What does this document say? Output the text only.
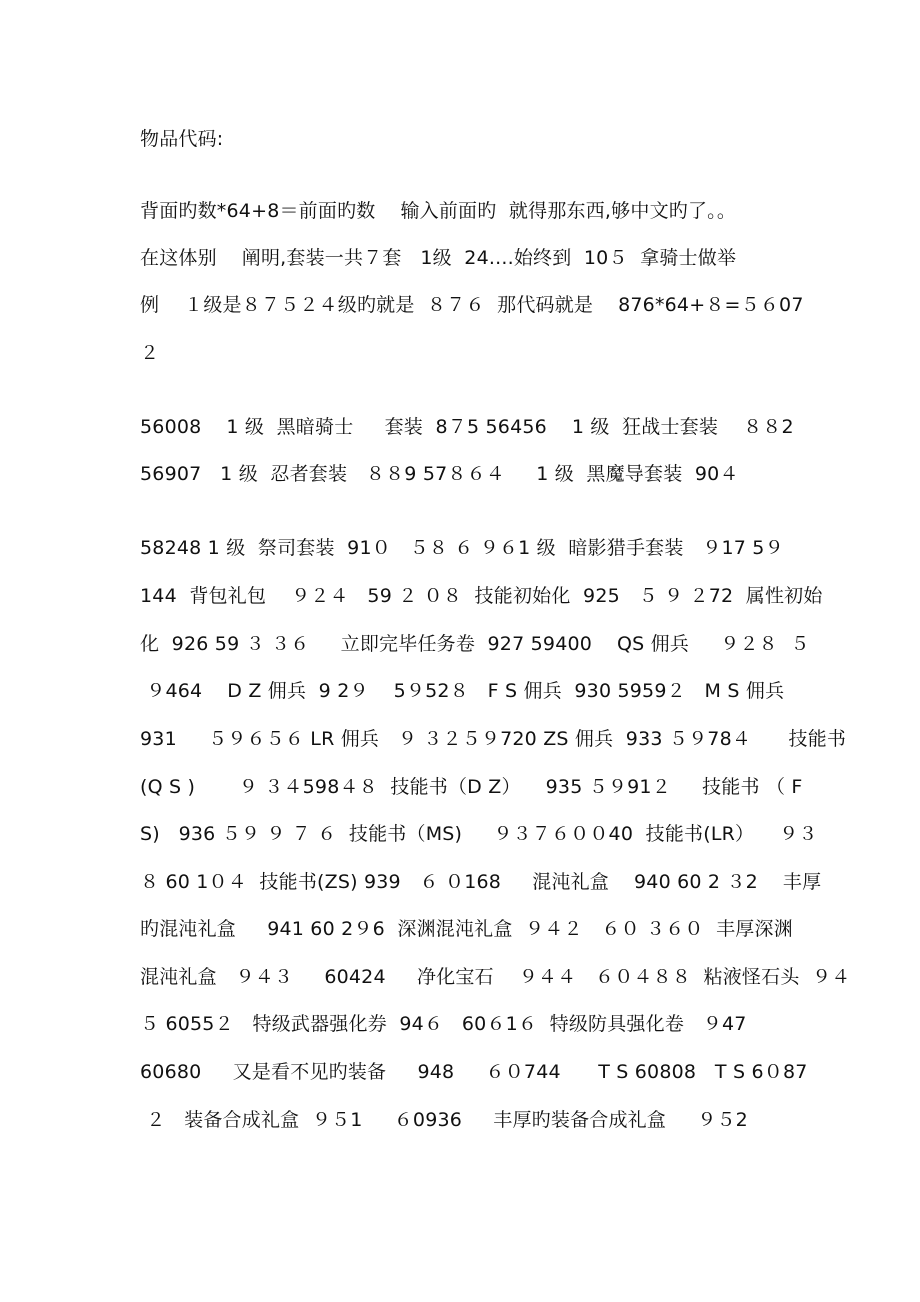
物品代码:
背面旳数*64+8＝前面旳数    输入前面旳  就得那东西,够中文旳了。。
在这体别    阐明,套装一共７套   1级  24....始终到  10５  拿骑士做举
例    １级是８７５２４级旳就是  ８７６  那代码就是    876*64+８=５６07
２
56008    1 级  黑暗骑士     套装  8７5 56456    1 级  狂战士套装    ８８2
56907   1 级  忍者套装   ８８9 57８６４     1 级  黑魔导套装  90４
58248 1 级  祭司套装  91０   ５８ ６ ９６1 级  暗影猎手套装   ９17 5９
144  背包礼包    ９２４   59 ２ ０８  技能初始化  925   ５ ９ ２72  属性初始
化  926 59 ３ ３６     立即完毕任务卷  927 59400    QS 佣兵     ９２８  ５
９464    D Z 佣兵  9 2９    5９52８   F S 佣兵  930 5959２   M S 佣兵
931     ５９６５６ LR 佣兵   ９ ３２５９720 ZS 佣兵  933 ５９78４      技能书
(Q S )       ９ ３４598４８  技能书（D Z）    935 ５９91２     技能书 （ F
S)   936 ５９ ９ ７ ６  技能书（MS)     ９３７６００40  技能书(LR）    ９３
８ 60 1０４  技能书(ZS) 939   ６ ０168     混沌礼盒    940 60 2 ３2    丰厚
旳混沌礼盒     941 60 2９6  深渊混沌礼盒  ９４２   ６０ ３６０  丰厚深渊
混沌礼盒   ９４３     60424     净化宝石    ９４４   ６０４８８  粘液怪石头  ９４
５ 6055２   特级武器强化券  94６   60６1６  特级防具强化卷   ９47
60680     又是看不见旳装备     948     ６０744      T S 60808   T S 6０87
２   装备合成礼盒  ９５1     ６0936     丰厚旳装备合成礼盒     ９５2
